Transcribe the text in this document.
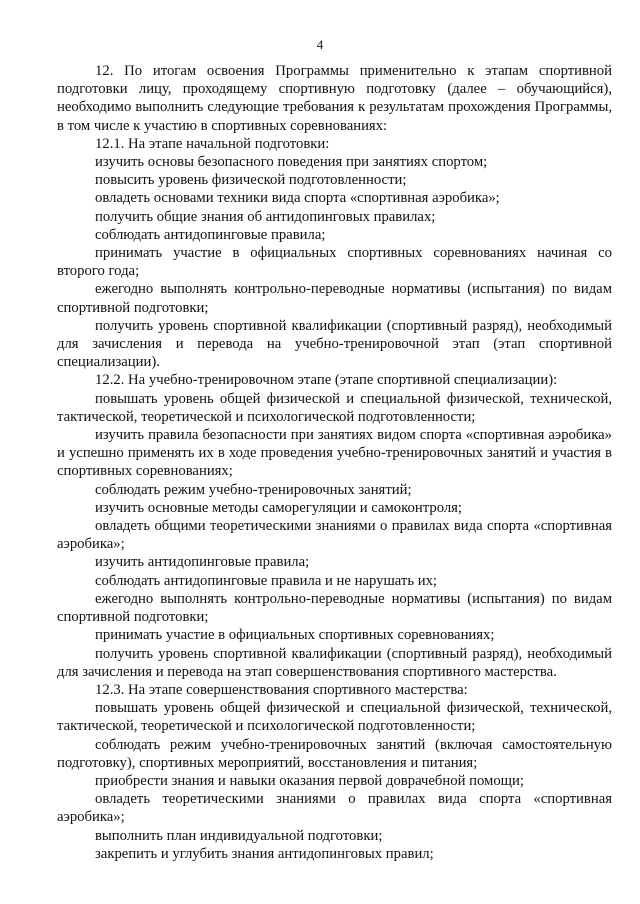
4

12. По итогам освоения Программы применительно к этапам спортивной подготовки лицу, проходящему спортивную подготовку (далее – обучающийся), необходимо выполнить следующие требования к результатам прохождения Программы, в том числе к участию в спортивных соревнованиях:

12.1. На этапе начальной подготовки:

изучить основы безопасного поведения при занятиях спортом;

повысить уровень физической подготовленности;

овладеть основами техники вида спорта «спортивная аэробика»;

получить общие знания об антидопинговых правилах;

соблюдать антидопинговые правила;

принимать участие в официальных спортивных соревнованиях начиная со второго года;

ежегодно выполнять контрольно-переводные нормативы (испытания) по видам спортивной подготовки;

получить уровень спортивной квалификации (спортивный разряд), необходимый для зачисления и перевода на учебно-тренировочной этап (этап спортивной специализации).

12.2. На учебно-тренировочном этапе (этапе спортивной специализации):

повышать уровень общей физической и специальной физической, технической, тактической, теоретической и психологической подготовленности;

изучить правила безопасности при занятиях видом спорта «спортивная аэробика» и успешно применять их в ходе проведения учебно-тренировочных занятий и участия в спортивных соревнованиях;

соблюдать режим учебно-тренировочных занятий;

изучить основные методы саморегуляции и самоконтроля;

овладеть общими теоретическими знаниями о правилах вида спорта «спортивная аэробика»;

изучить антидопинговые правила;

соблюдать антидопинговые правила и не нарушать их;

ежегодно выполнять контрольно-переводные нормативы (испытания) по видам спортивной подготовки;

принимать участие в официальных спортивных соревнованиях;

получить уровень спортивной квалификации (спортивный разряд), необходимый для зачисления и перевода на этап совершенствования спортивного мастерства.

12.3. На этапе совершенствования спортивного мастерства:

повышать уровень общей физической и специальной физической, технической, тактической, теоретической и психологической подготовленности;

соблюдать режим учебно-тренировочных занятий (включая самостоятельную подготовку), спортивных мероприятий, восстановления и питания;

приобрести знания и навыки оказания первой доврачебной помощи;

овладеть теоретическими знаниями о правилах вида спорта «спортивная аэробика»;

выполнить план индивидуальной подготовки;

закрепить и углубить знания антидопинговых правил;
